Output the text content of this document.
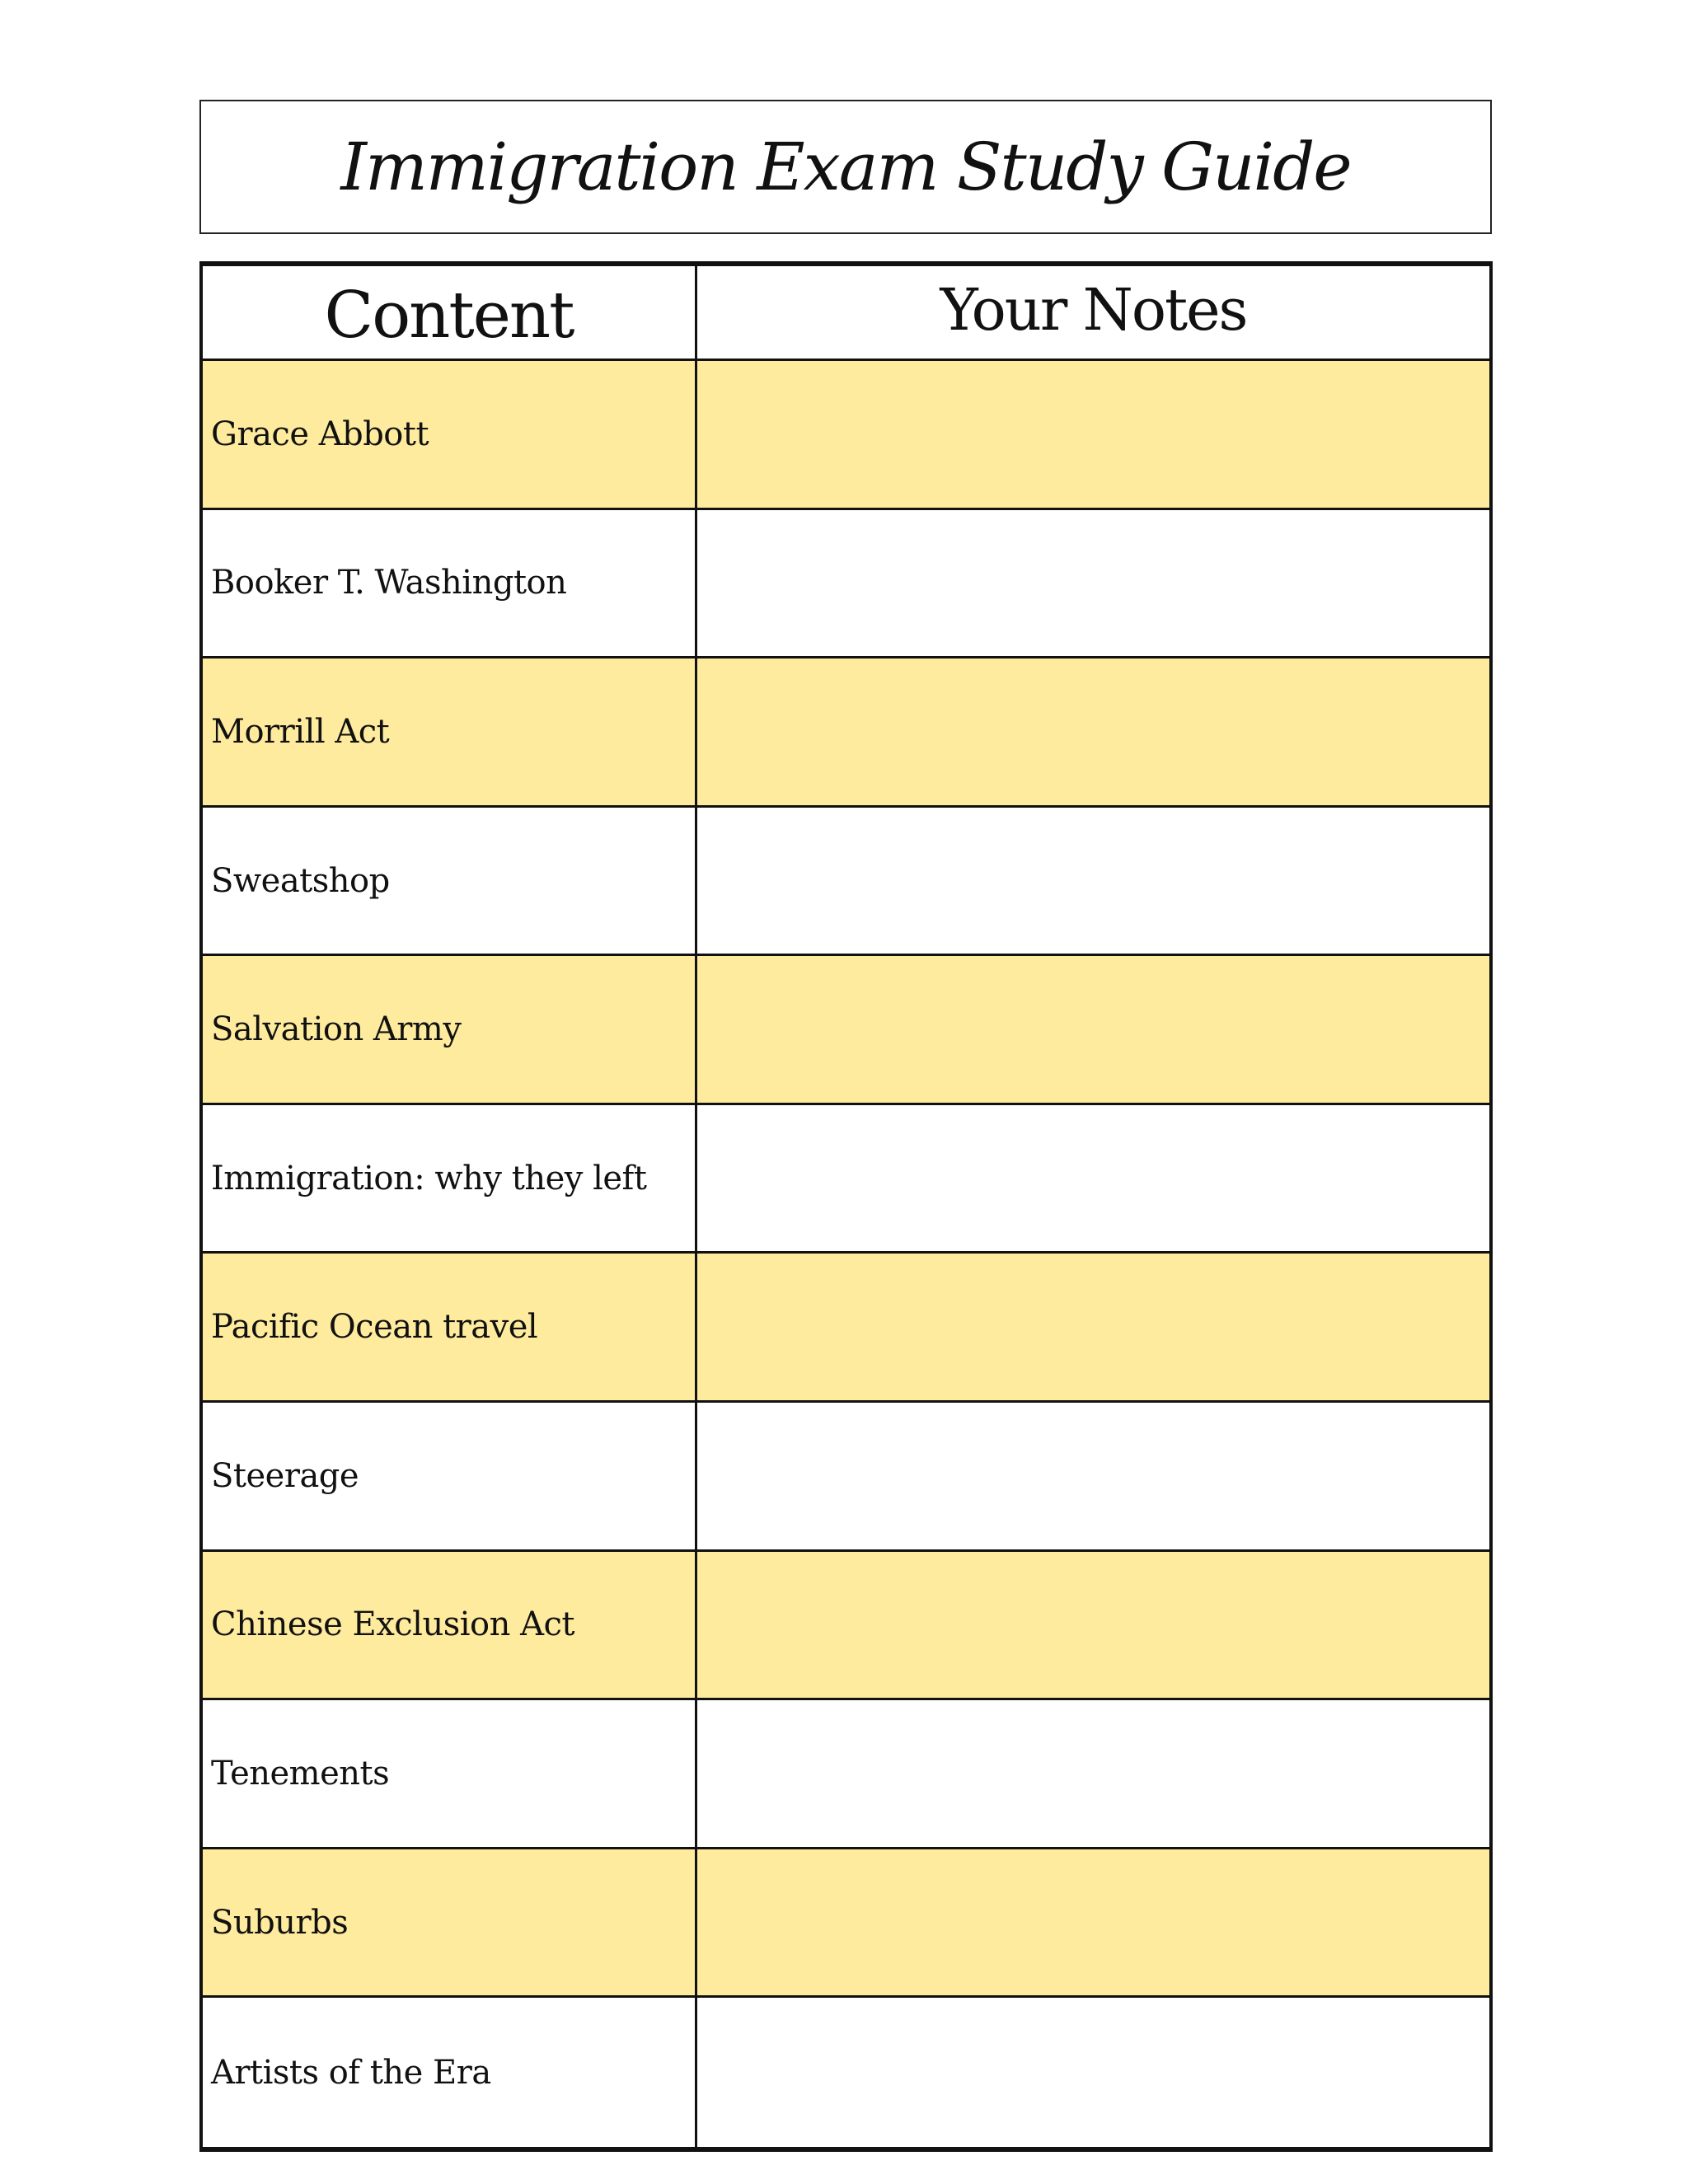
Immigration Exam Study Guide
Content	Your Notes
Grace Abbott
Booker T. Washington
Morrill Act
Sweatshop
Salvation Army
Immigration: why they left
Pacific Ocean travel
Steerage
Chinese Exclusion Act
Tenements
Suburbs
Artists of the Era
